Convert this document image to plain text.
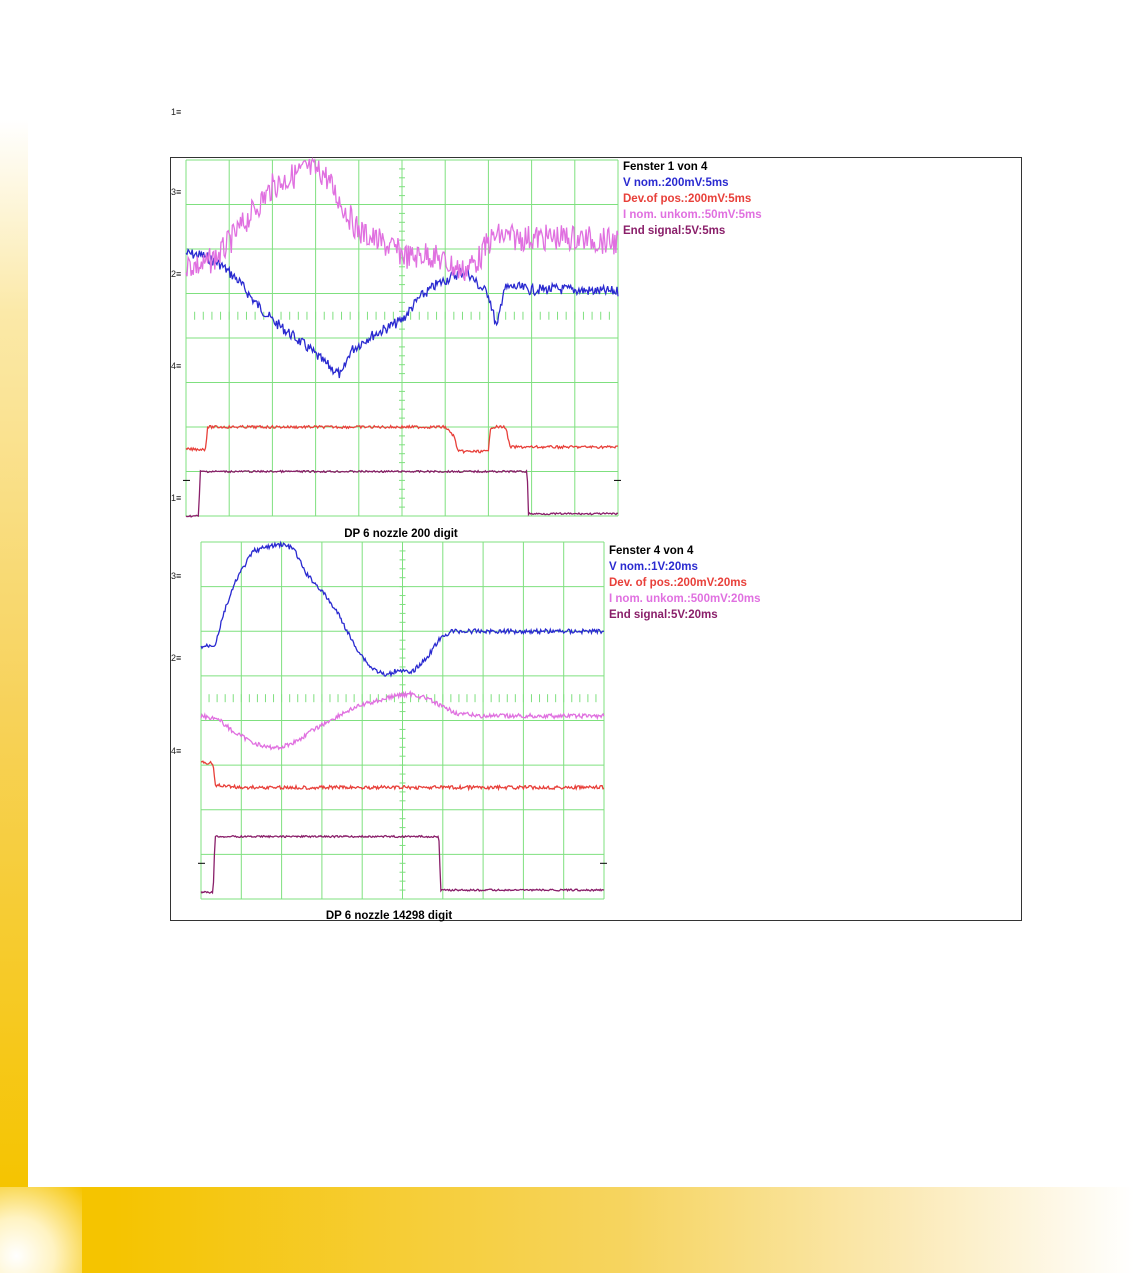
1≡
3≡
2≡
4≡
Fenster 1 von 4
V nom.:200mV:5ms
Dev.of pos.:200mV:5ms
I nom. unkom.:50mV:5ms
End signal:5V:5ms
DP 6 nozzle 200 digit
1≡
3≡
2≡
4≡
Fenster 4 von 4
V nom.:1V:20ms
Dev. of pos.:200mV:20ms
I nom. unkom.:500mV:20ms
End signal:5V:20ms
DP 6 nozzle 14298 digit
